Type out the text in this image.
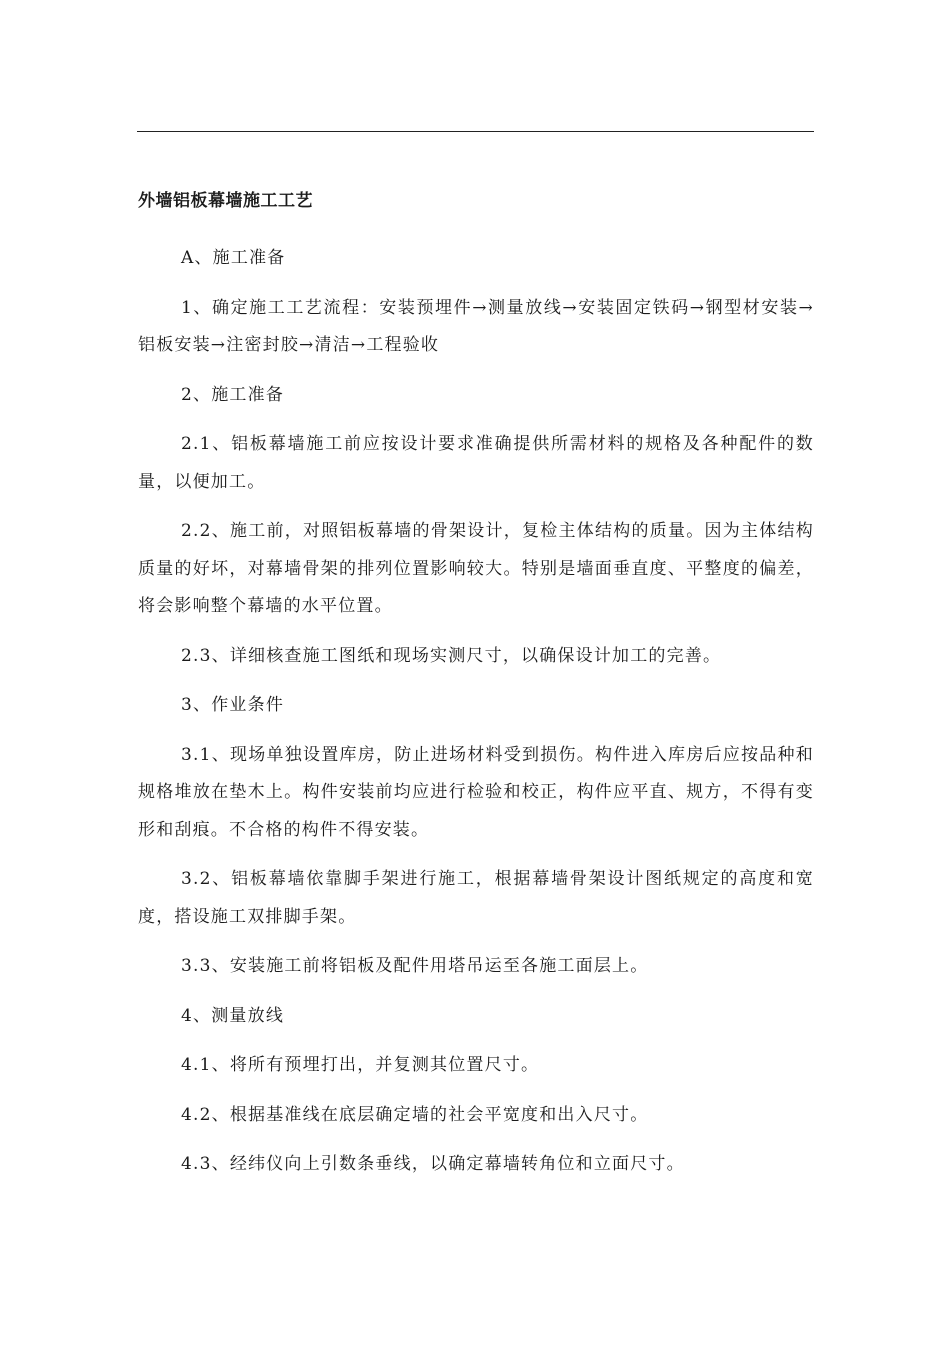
外墙铝板幕墙施工工艺

A、施工准备

1、确定施工工艺流程：安装预埋件→测量放线→安装固定铁码→钢型材安装→铝板安装→注密封胶→清洁→工程验收

2、施工准备

2.1、铝板幕墙施工前应按设计要求准确提供所需材料的规格及各种配件的数量，以便加工。

2.2、施工前，对照铝板幕墙的骨架设计，复检主体结构的质量。因为主体结构质量的好坏，对幕墙骨架的排列位置影响较大。特别是墙面垂直度、平整度的偏差，将会影响整个幕墙的水平位置。

2.3、详细核查施工图纸和现场实测尺寸，以确保设计加工的完善。

3、作业条件

3.1、现场单独设置库房，防止进场材料受到损伤。构件进入库房后应按品种和规格堆放在垫木上。构件安装前均应进行检验和校正，构件应平直、规方，不得有变形和刮痕。不合格的构件不得安装。

3.2、铝板幕墙依靠脚手架进行施工，根据幕墙骨架设计图纸规定的高度和宽度，搭设施工双排脚手架。

3.3、安装施工前将铝板及配件用塔吊运至各施工面层上。

4、测量放线

4.1、将所有预埋打出，并复测其位置尺寸。

4.2、根据基准线在底层确定墙的社会平宽度和出入尺寸。

4.3、经纬仪向上引数条垂线，以确定幕墙转角位和立面尺寸。
